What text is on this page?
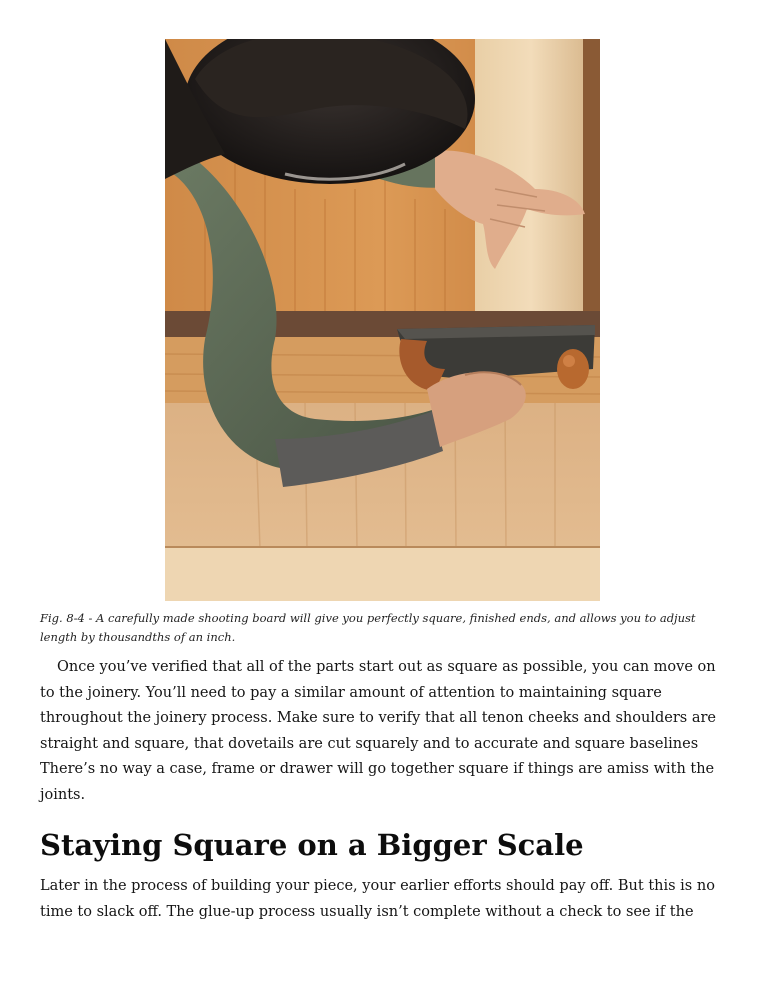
Fig. 8-4 - A carefully made shooting board will give you perfectly square, finished ends, and allows you to adjust length by thousandths of an inch.

Once you’ve verified that all of the parts start out as square as possible, you can move on to the joinery. You’ll need to pay a similar amount of attention to maintaining square throughout the joinery process. Make sure to verify that all tenon cheeks and shoulders are straight and square, that dovetails are cut squarely and to accurate and square baselines There’s no way a case, frame or drawer will go together square if things are amiss with the joints.

Staying Square on a Bigger Scale

Later in the process of building your piece, your earlier efforts should pay off. But this is no time to slack off. The glue-up process usually isn’t complete without a check to see if the
